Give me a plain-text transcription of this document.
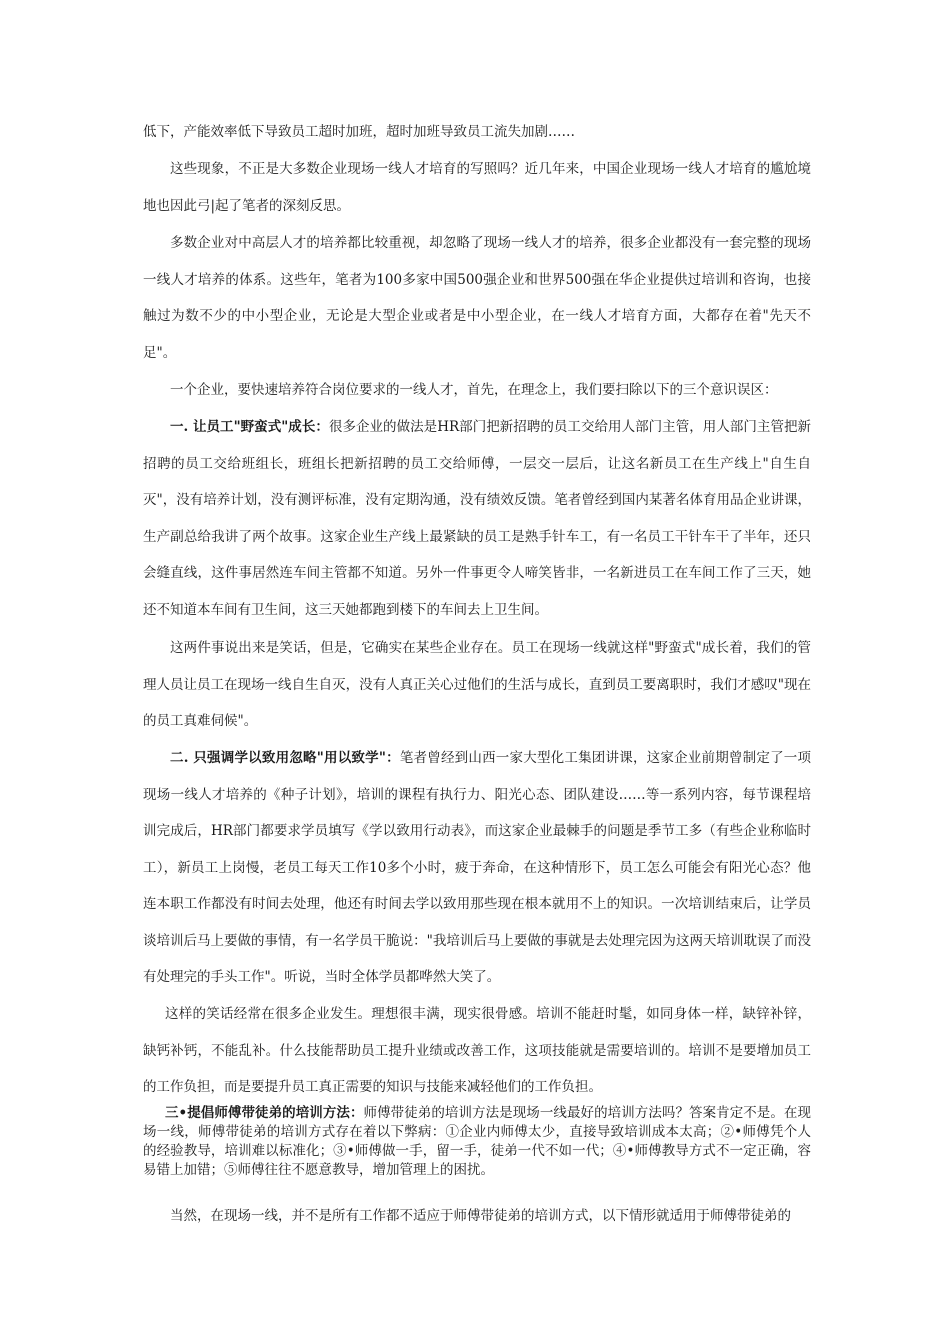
低下，产能效率低下导致员工超时加班，超时加班导致员工流失加剧……

这些现象，不正是大多数企业现场一线人才培育的写照吗？近几年来，中国企业现场一线人才培育的尴尬境地也因此弓|起了笔者的深刻反思。

多数企业对中高层人才的培养都比较重视，却忽略了现场一线人才的培养，很多企业都没有一套完整的现场一线人才培养的体系。这些年，笔者为100多家中国500强企业和世界500强在华企业提供过培训和咨询，也接触过为数不少的中小型企业，无论是大型企业或者是中小型企业，在一线人才培育方面，大都存在着"先天不足"。

一个企业，要快速培养符合岗位要求的一线人才，首先，在理念上，我们要扫除以下的三个意识误区：

一. 让员工"野蛮式"成长：很多企业的做法是HR部门把新招聘的员工交给用人部门主管，用人部门主管把新招聘的员工交给班组长，班组长把新招聘的员工交给师傅，一层交一层后，让这名新员工在生产线上"自生自灭"，没有培养计划，没有测评标准，没有定期沟通，没有绩效反馈。笔者曾经到国内某著名体育用品企业讲课，生产副总给我讲了两个故事。这家企业生产线上最紧缺的员工是熟手针车工，有一名员工干针车干了半年，还只会缝直线，这件事居然连车间主管都不知道。另外一件事更令人啼笑皆非，一名新进员工在车间工作了三天，她还不知道本车间有卫生间，这三天她都跑到楼下的车间去上卫生间。

这两件事说出来是笑话，但是，它确实在某些企业存在。员工在现场一线就这样"野蛮式"成长着，我们的管理人员让员工在现场一线自生自灭，没有人真正关心过他们的生活与成长，直到员工要离职时，我们才感叹"现在的员工真难伺候"。

二. 只强调学以致用忽略"用以致学"：笔者曾经到山西一家大型化工集团讲课，这家企业前期曾制定了一项现场一线人才培养的《种子计划》，培训的课程有执行力、阳光心态、团队建设……等一系列内容，每节课程培训完成后，HR部门都要求学员填写《学以致用行动表》，而这家企业最棘手的问题是季节工多（有些企业称临时工），新员工上岗慢，老员工每天工作10多个小时，疲于奔命，在这种情形下，员工怎么可能会有阳光心态？他连本职工作都没有时间去处理，他还有时间去学以致用那些现在根本就用不上的知识。一次培训结束后，让学员谈培训后马上要做的事情，有一名学员干脆说："我培训后马上要做的事就是去处理完因为这两天培训耽误了而没有处理完的手头工作"。听说，当时全体学员都哗然大笑了。

这样的笑话经常在很多企业发生。理想很丰满，现实很骨感。培训不能赶时髦，如同身体一样，缺锌补锌，缺钙补钙，不能乱补。什么技能帮助员工提升业绩或改善工作，这项技能就是需要培训的。培训不是要增加员工的工作负担，而是要提升员工真正需要的知识与技能来减轻他们的工作负担。

三•提倡师傅带徒弟的培训方法：师傅带徒弟的培训方法是现场一线最好的培训方法吗？答案肯定不是。在现场一线，师傅带徒弟的培训方式存在着以下弊病：①企业内师傅太少，直接导致培训成本太高；②•师傅凭个人的经验教导，培训难以标准化；③•师傅做一手，留一手，徒弟一代不如一代；④•师傅教导方式不一定正确，容易错上加错；⑤师傅往往不愿意教导，增加管理上的困扰。

当然，在现场一线，并不是所有工作都不适应于师傅带徒弟的培训方式，以下情形就适用于师傅带徒弟的
